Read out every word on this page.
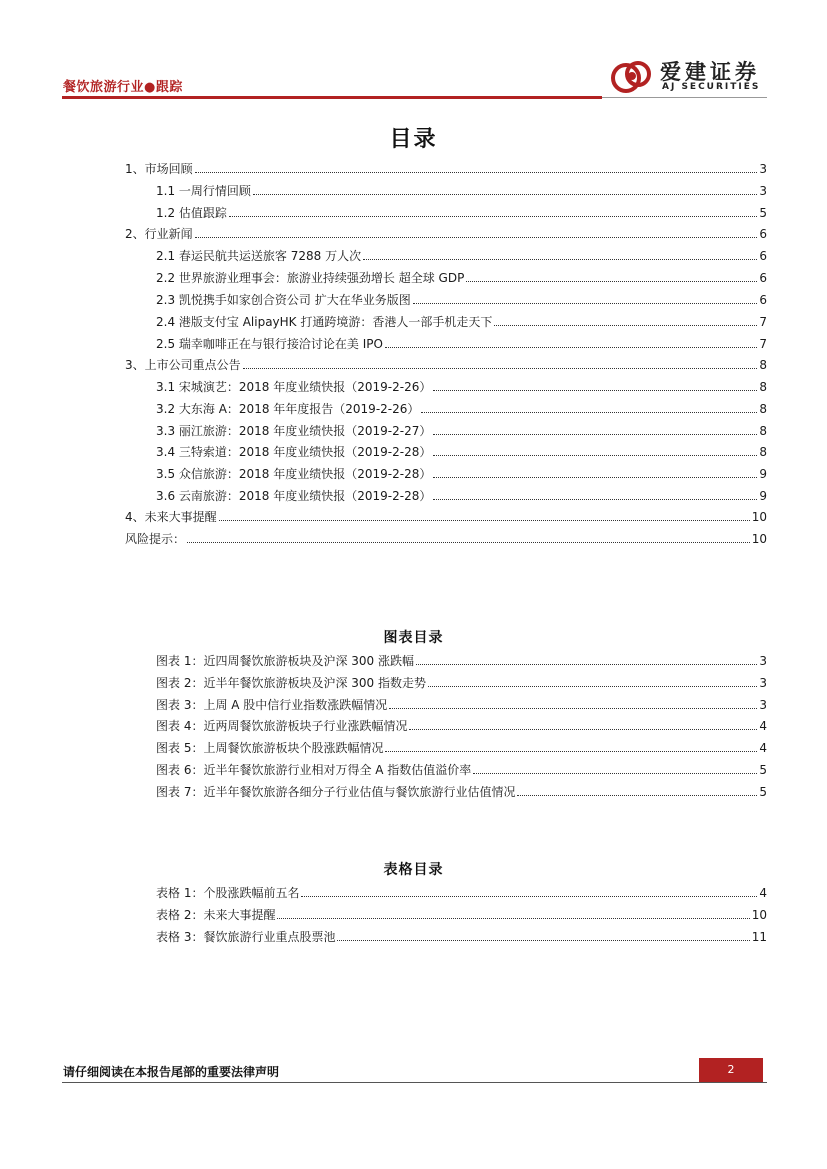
餐饮旅游行业●跟踪
爱建证券
AJ SECURITIES
目录
1、市场回顾	3
1.1 一周行情回顾	3
1.2 估值跟踪	5
2、行业新闻	6
2.1 春运民航共运送旅客 7288 万人次	6
2.2 世界旅游业理事会：旅游业持续强劲增长 超全球 GDP	6
2.3 凯悦携手如家创合资公司 扩大在华业务版图	6
2.4 港版支付宝 AlipayHK 打通跨境游：香港人一部手机走天下	7
2.5 瑞幸咖啡正在与银行接洽讨论在美 IPO	7
3、上市公司重点公告	8
3.1 宋城演艺：2018 年度业绩快报（2019-2-26）	8
3.2 大东海 A：2018 年年度报告（2019-2-26）	8
3.3 丽江旅游：2018 年度业绩快报（2019-2-27）	8
3.4 三特索道：2018 年度业绩快报（2019-2-28）	8
3.5 众信旅游：2018 年度业绩快报（2019-2-28）	9
3.6 云南旅游：2018 年度业绩快报（2019-2-28）	9
4、未来大事提醒	10
风险提示：	10
图表目录
图表 1：近四周餐饮旅游板块及沪深 300 涨跌幅	3
图表 2：近半年餐饮旅游板块及沪深 300 指数走势	3
图表 3：上周 A 股中信行业指数涨跌幅情况	3
图表 4：近两周餐饮旅游板块子行业涨跌幅情况	4
图表 5：上周餐饮旅游板块个股涨跌幅情况	4
图表 6：近半年餐饮旅游行业相对万得全 A 指数估值溢价率	5
图表 7：近半年餐饮旅游各细分子行业估值与餐饮旅游行业估值情况	5
表格目录
表格 1：个股涨跌幅前五名	4
表格 2：未来大事提醒	10
表格 3：餐饮旅游行业重点股票池	11
请仔细阅读在本报告尾部的重要法律声明	2
